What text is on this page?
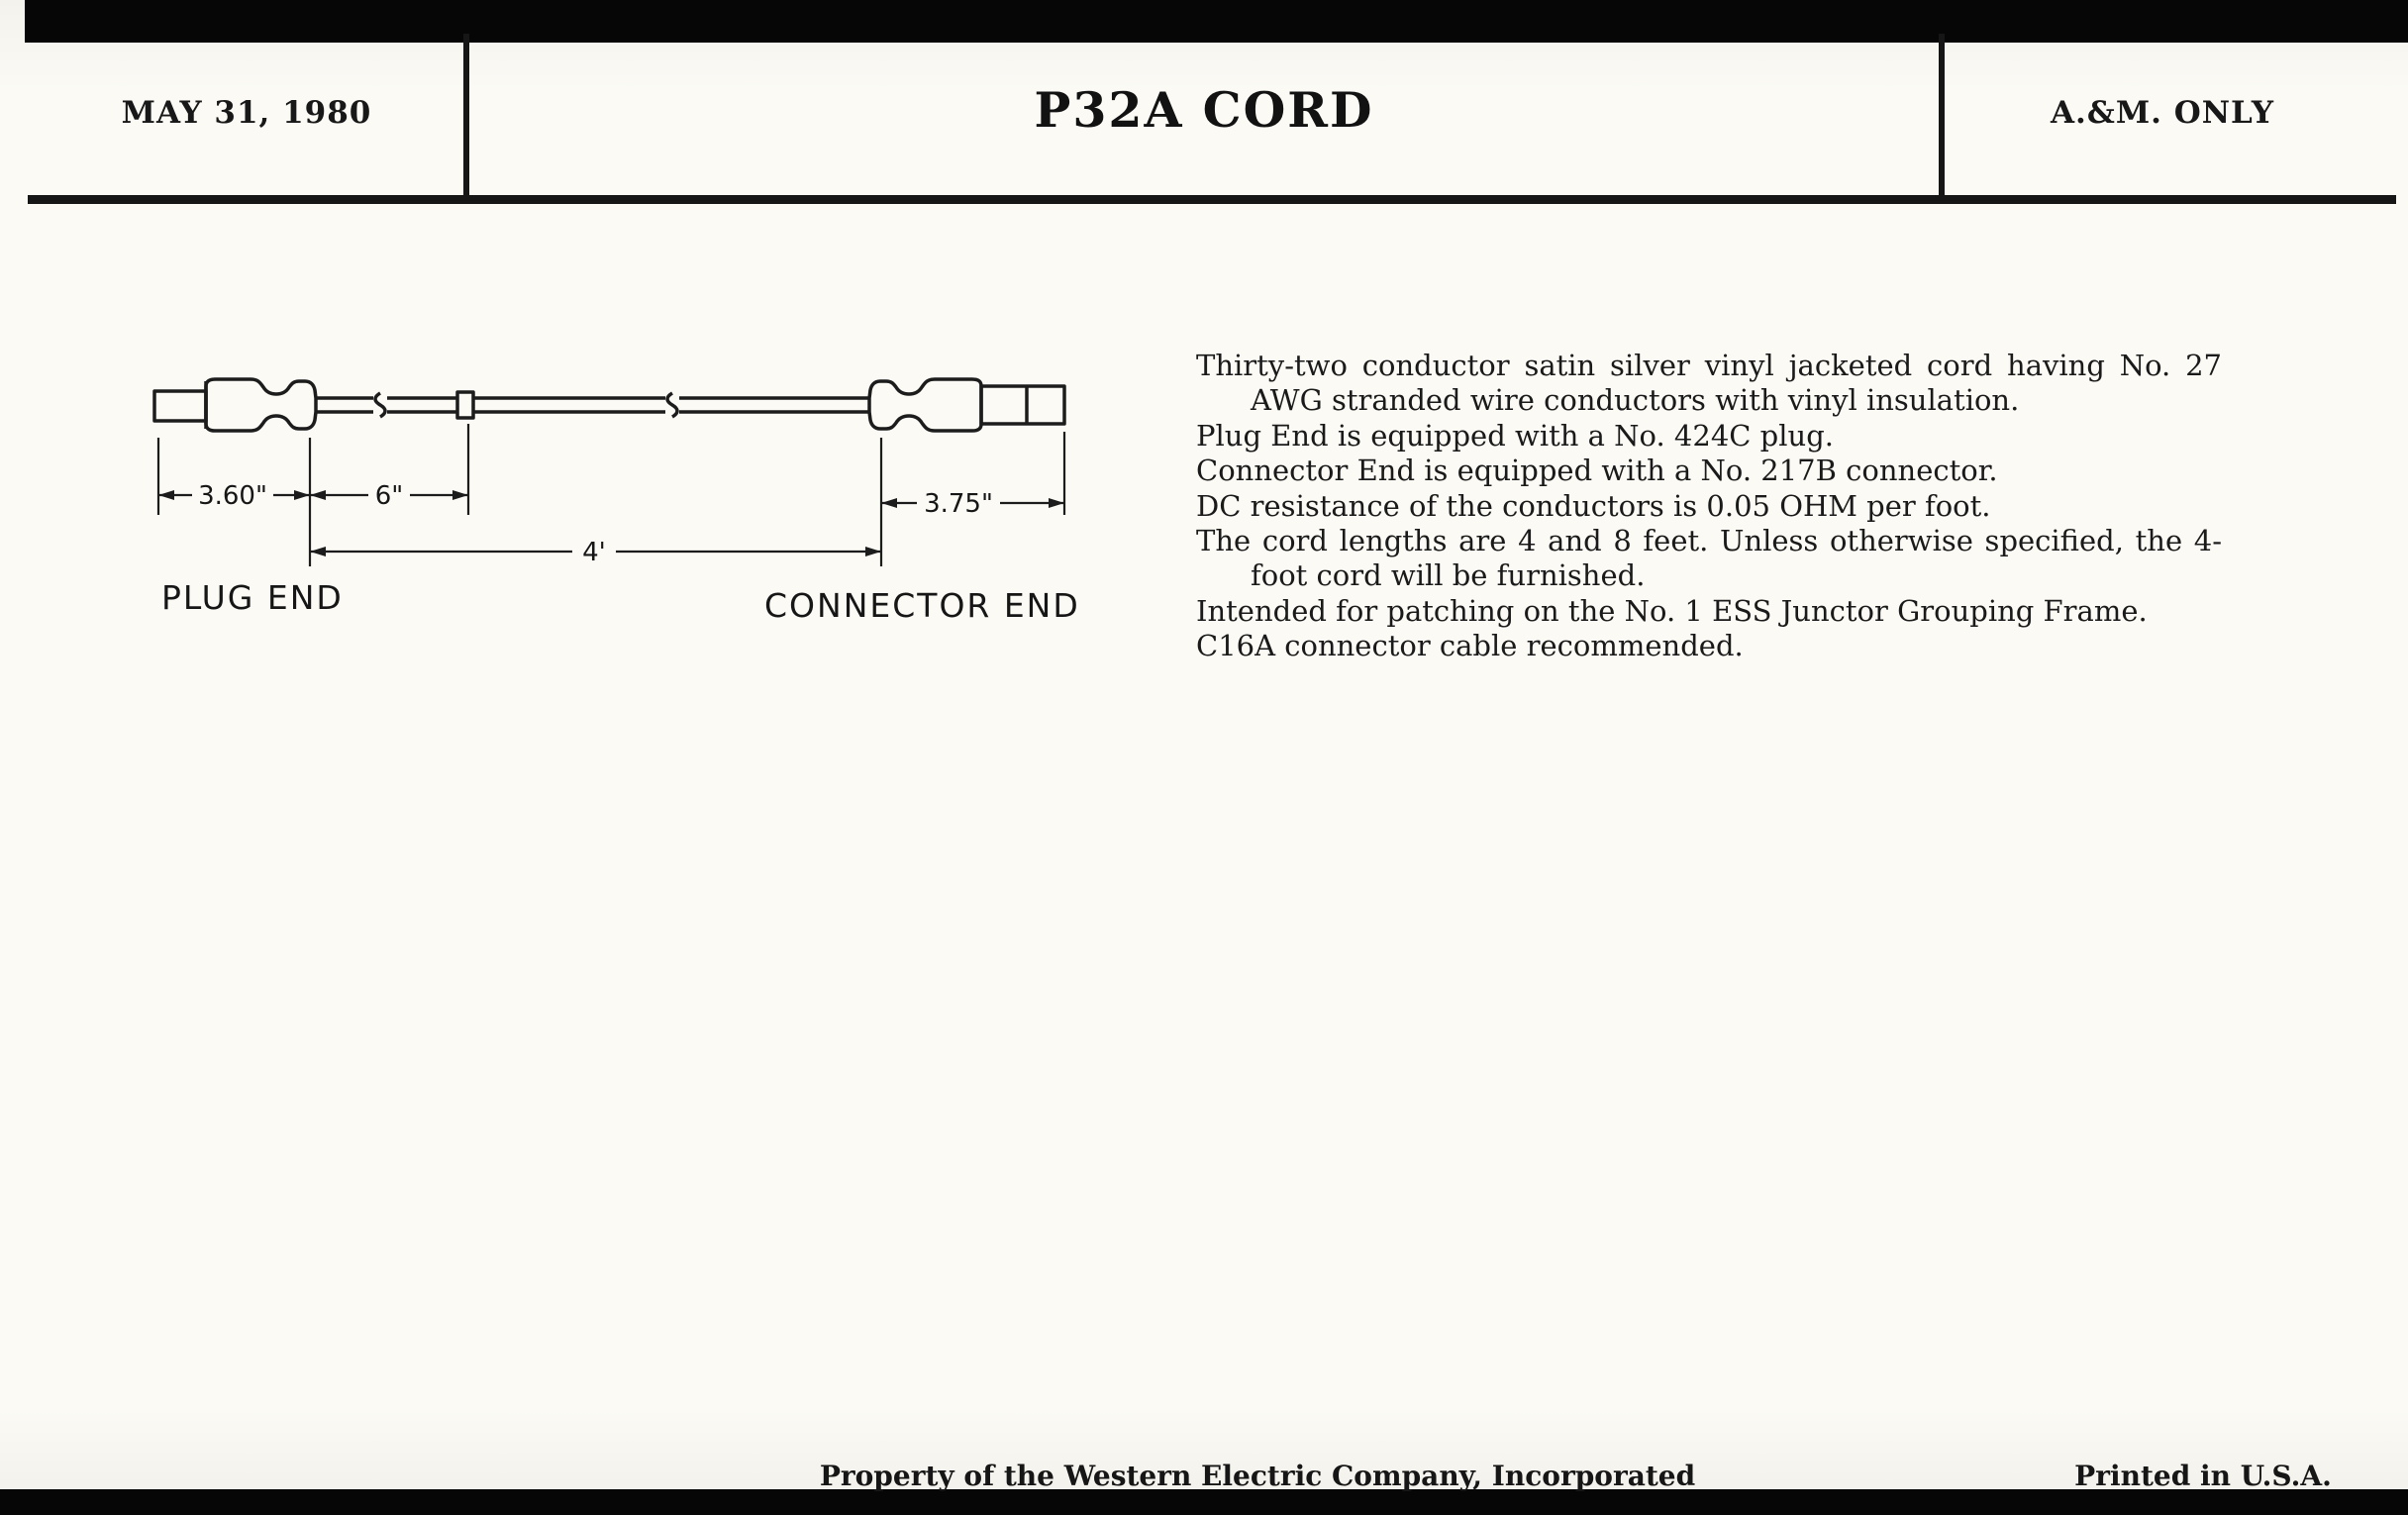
MAY 31, 1980	P32A CORD	A.&M. ONLY
3.60"	6"
4'
3.75"
PLUG END	CONNECTOR END
Thirty-two conductor satin silver vinyl jacketed cord having No. 27 AWG stranded wire conductors with vinyl insulation.
Plug End is equipped with a No. 424C plug.
Connector End is equipped with a No. 217B connector.
DC resistance of the conductors is 0.05 OHM per foot.
The cord lengths are 4 and 8 feet. Unless otherwise specified, the 4-foot cord will be furnished.
Intended for patching on the No. 1 ESS Junctor Grouping Frame.
C16A connector cable recommended.
Property of the Western Electric Company, Incorporated	Printed in U.S.A.
